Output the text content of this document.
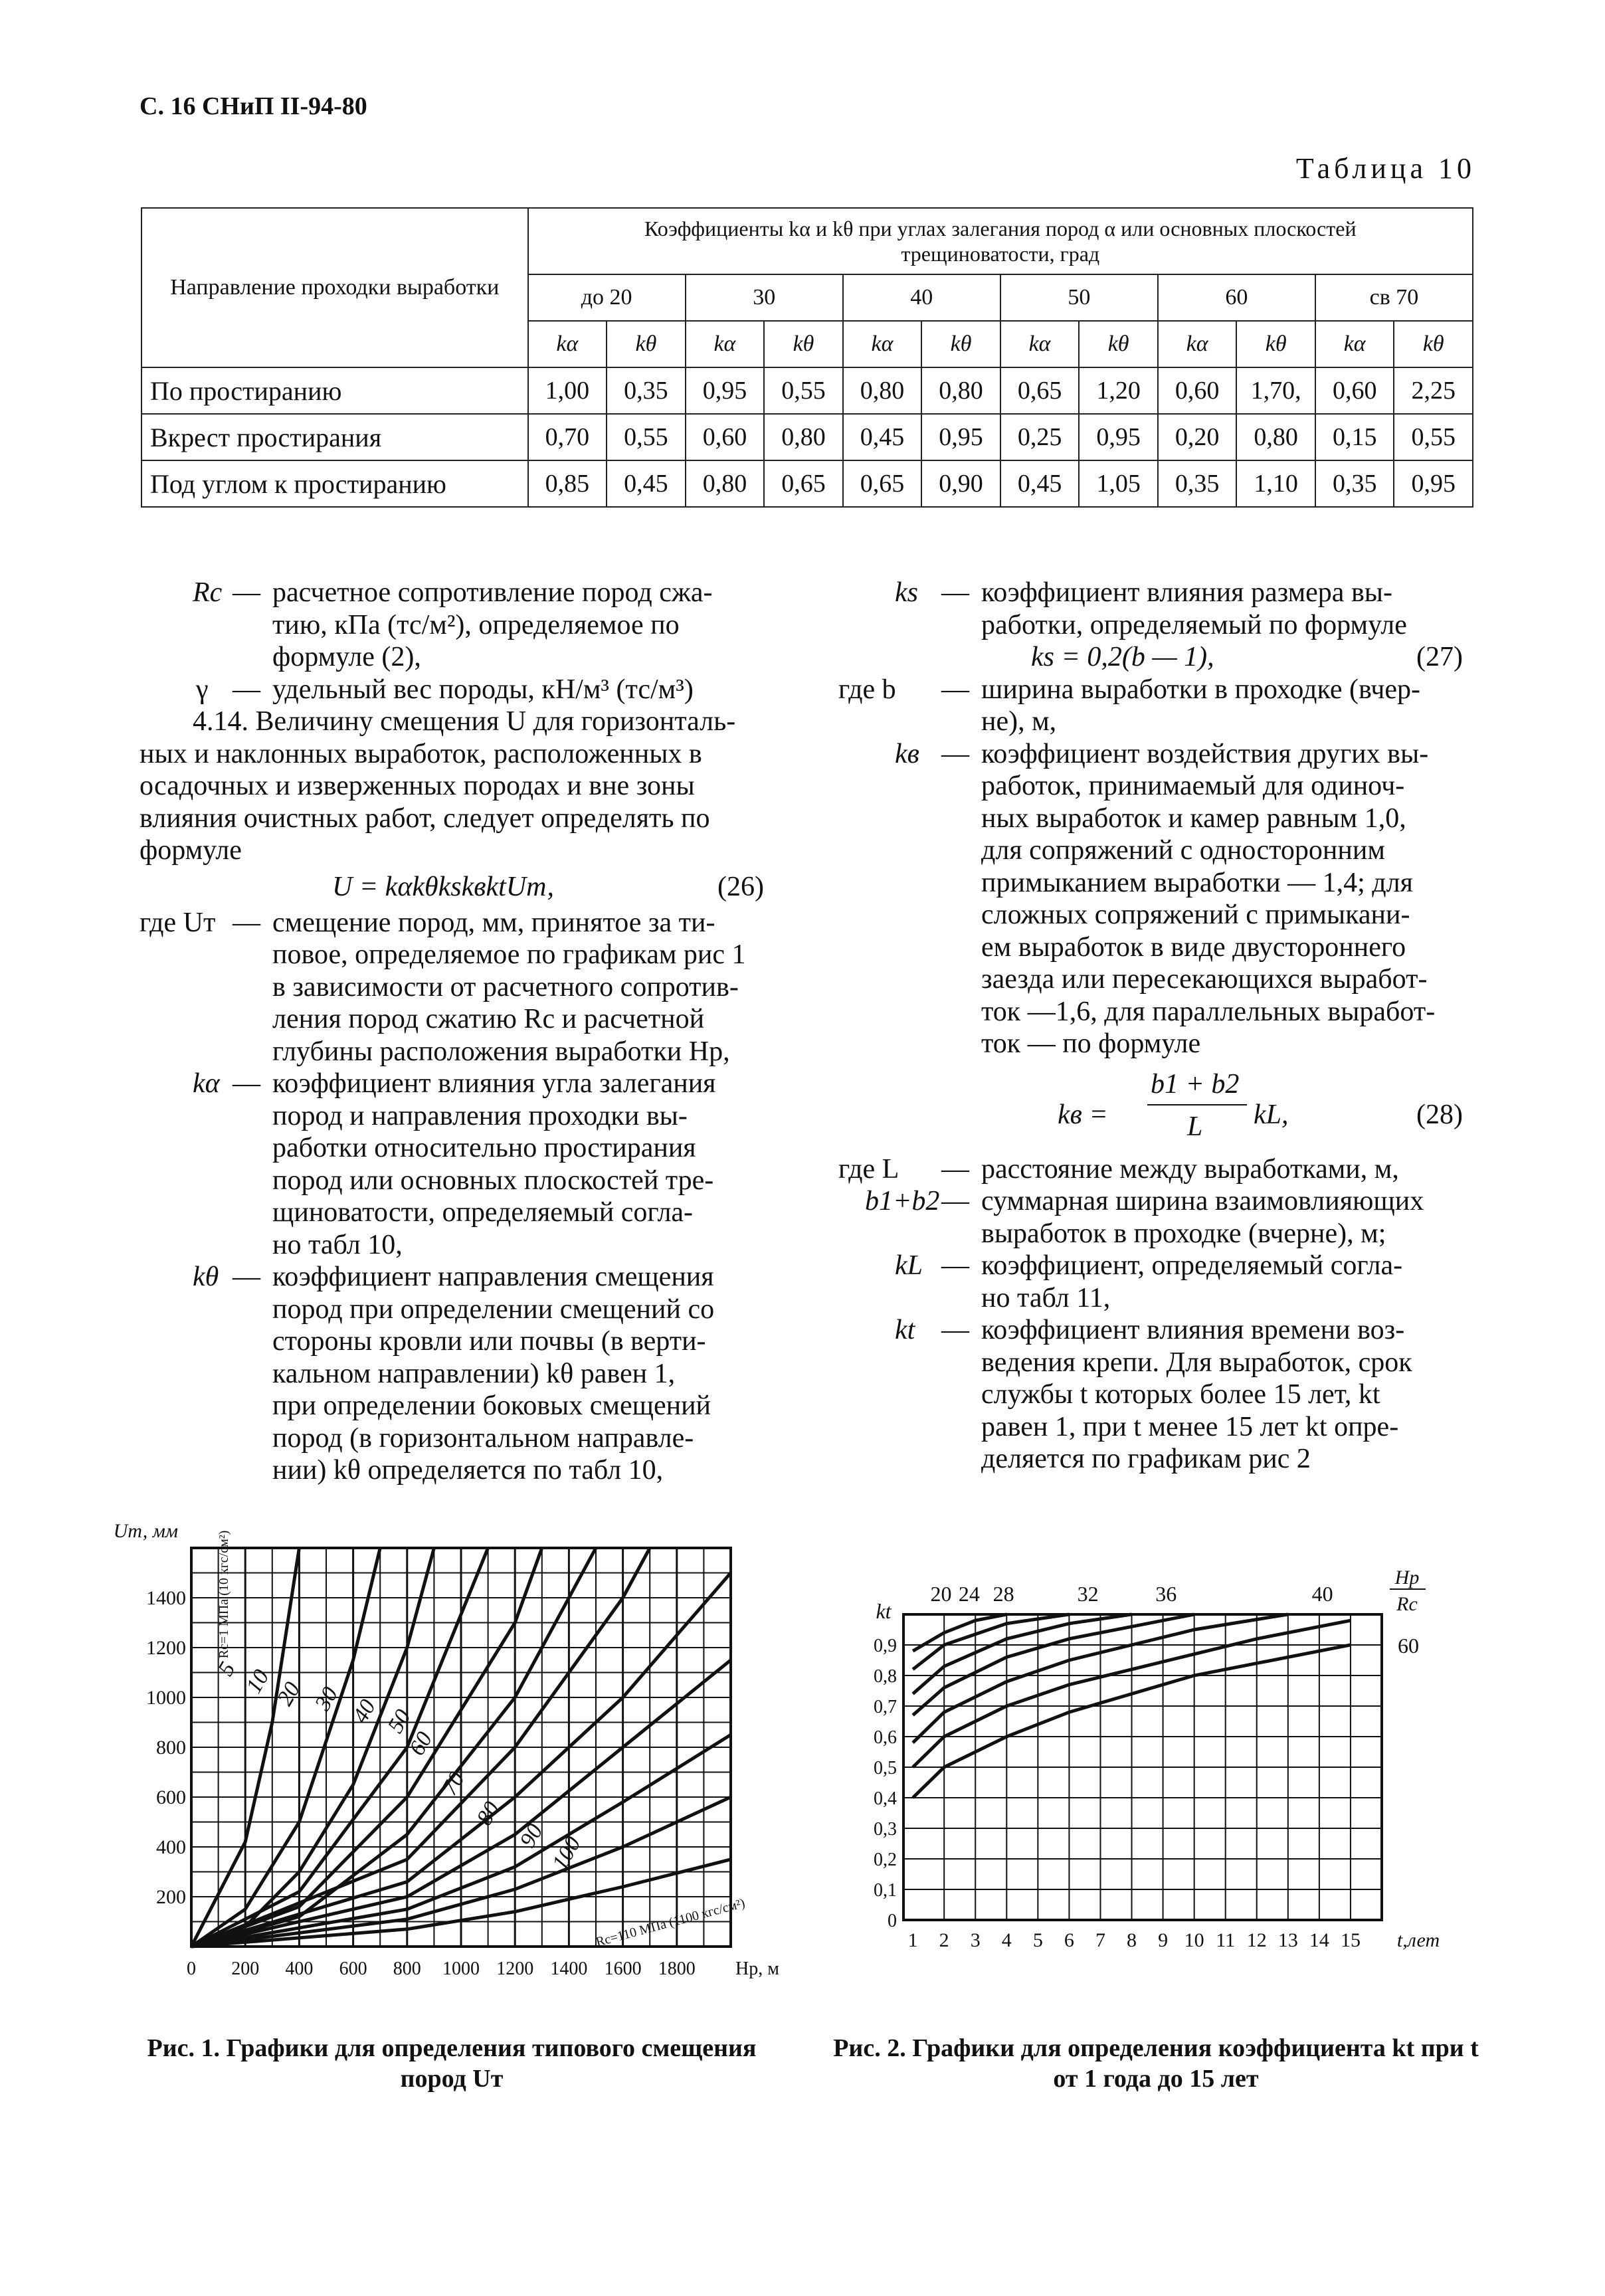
С. 16 СНиП II-94-80
Таблица 10
Направление проходки выработки	Коэффициенты kα и kθ при углах залегания пород α или основных плоскостей трещиноватости, град											

	до 20		30		40		50		60		св 70	
	kα	kθ	kα	kθ	kα	kθ	kα	kθ	kα	kθ	kα	kθ
По простиранию	1,00	0,35	0,95	0,55	0,80	0,80	0,65	1,20	0,60	1,70,	0,60	2,25
Вкрест простирания	0,70	0,55	0,60	0,80	0,45	0,95	0,25	0,95	0,20	0,80	0,15	0,55
Под углом к простиранию	0,85	0,45	0,80	0,65	0,65	0,90	0,45	1,05	0,35	1,10	0,35	0,95
Rс — расчетное сопротивление пород сжа-
тию, кПа (тс/м²), определяемое по
формуле (2),
γ — удельный вес породы, кН/м³ (тс/м³)
4.14. Величину смещения U для горизонталь-
ных и наклонных выработок, расположенных в
осадочных и изверженных породах и вне зоны
влияния очистных работ, следует определять по
формуле
U = kαkθkskвktUт,	(26)
где Uт — смещение пород, мм, принятое за ти-
повое, определяемое по графикам рис 1
в зависимости от расчетного сопротив-
ления пород сжатию Rс и расчетной
глубины расположения выработки Hр,
kα — коэффициент влияния угла залегания
пород и направления проходки вы-
работки относительно простирания
пород или основных плоскостей тре-
щиноватости, определяемый согла-
но табл 10,
kθ — коэффициент направления смещения
пород при определении смещений со
стороны кровли или почвы (в верти-
кальном направлении) kθ равен 1,
при определении боковых смещений
пород (в горизонтальном направле-
нии) kθ определяется по табл 10,
ks — коэффициент влияния размера вы-
работки, определяемый по формуле
ks = 0,2(b — 1),	(27)
где b — ширина выработки в проходке (вчер-
не), м,
kв — коэффициент воздействия других вы-
работок, принимаемый для одиноч-
ных выработок и камер равным 1,0,
для сопряжений с односторонним
примыканием выработки — 1,4; для
сложных сопряжений с примыкани-
ем выработок в виде двустороннего
заезда или пересекающихся выработ-
ток —1,6, для параллельных выработ-
ток — по формуле
kв =
b1 + b2
L kL,	(28)
где L — расстояние между выработками, м,
b1+b2 — суммарная ширина взаимовлияющих
выработок в проходке (вчерне), м;
kL — коэффициент, определяемый согла-
но табл 11,
kt — коэффициент влияния времени воз-
ведения крепи. Для выработок, срок
службы t которых более 15 лет, kt
равен 1, при t менее 15 лет kt опре-
деляется по графикам рис 2
5 10
20 30 40 50
60
70
80
90 100
1400
1200
1000
800
600
400
200
0 200 400 600 800 1000 1200 1400 1600 1800
Uт, мм
Hр, м
Rс=1 МПа (10 кгс/см²)
Rс=110 МПа (1100 кгс/см²)
Рис. 1. Графики для определения типового смещения пород Uт
20 24 28	32	36	40
60
Hр
Rс
0,9
0,8
0,7
0,6
0,5
0,4
0,3
0,2
0,1
0
kt
1 2 3 4 5 6 7 8 9 10 11 12 13 14 15 t,лет
Рис. 2. Графики для определения коэффициента kt при t от 1 года до 15 лет
